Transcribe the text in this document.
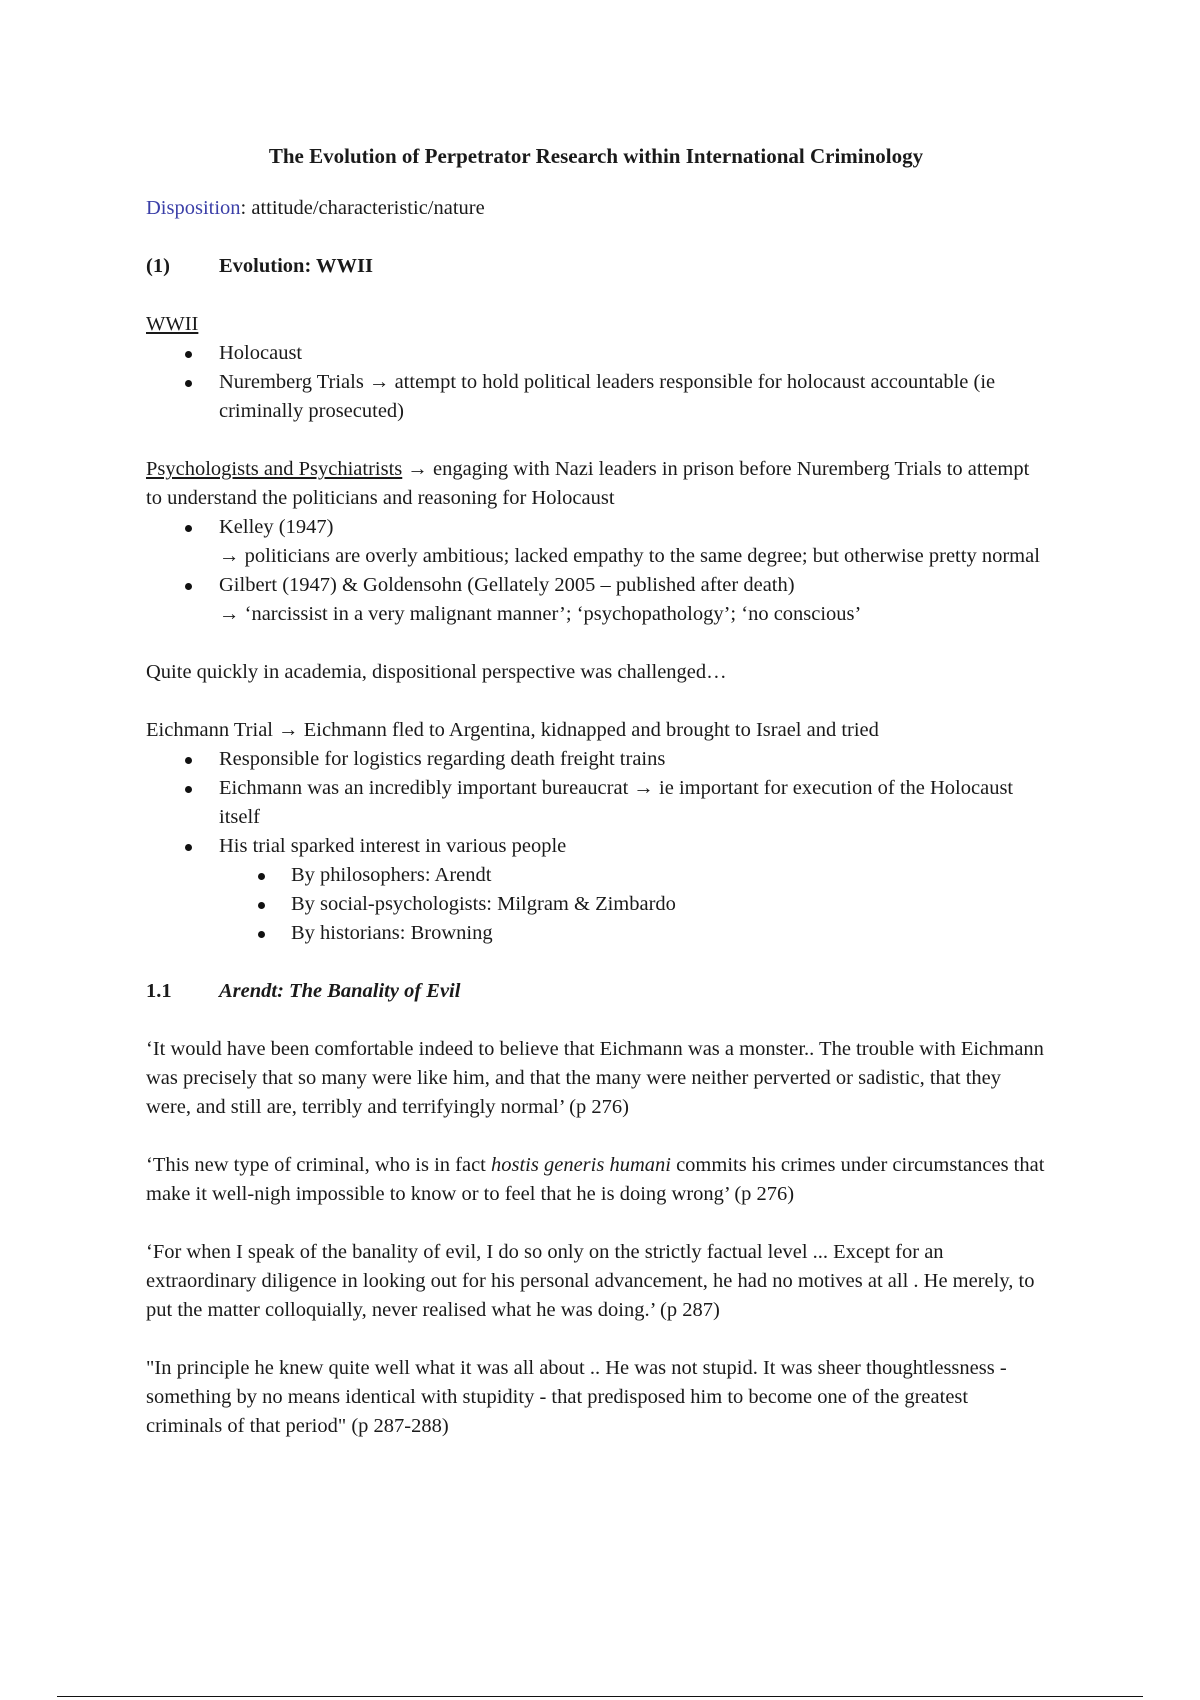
The Evolution of Perpetrator Research within International Criminology

Disposition: attitude/characteristic/nature

(1)	Evolution: WWII

WWII

Holocaust
Nuremberg Trials → attempt to hold political leaders responsible for holocaust accountable (ie criminally prosecuted)

Psychologists and Psychiatrists → engaging with Nazi leaders in prison before Nuremberg Trials to attempt to understand the politicians and reasoning for Holocaust

Kelley (1947)
→ politicians are overly ambitious; lacked empathy to the same degree; but otherwise pretty normal
Gilbert (1947) & Goldensohn (Gellately 2005 – published after death)
→ ‘narcissist in a very malignant manner’; ‘psychopathology’; ‘no conscious’

Quite quickly in academia, dispositional perspective was challenged…

Eichmann Trial → Eichmann fled to Argentina, kidnapped and brought to Israel and tried

Responsible for logistics regarding death freight trains
Eichmann was an incredibly important bureaucrat → ie important for execution of the Holocaust itself
His trial sparked interest in various people
By philosophers: Arendt
By social-psychologists: Milgram & Zimbardo
By historians: Browning
1.1	Arendt: The Banality of Evil

‘It would have been comfortable indeed to believe that Eichmann was a monster.. The trouble with Eichmann was precisely that so many were like him, and that the many were neither perverted or sadistic, that they were, and still are, terribly and terrifyingly normal’ (p 276)

‘This new type of criminal, who is in fact hostis generis humani commits his crimes under circumstances that make it well-nigh impossible to know or to feel that he is doing wrong’ (p 276)

‘For when I speak of the banality of evil, I do so only on the strictly factual level ... Except for an extraordinary diligence in looking out for his personal advancement, he had no motives at all . He merely, to put the matter colloquially, never realised what he was doing.’ (p 287)

"In principle he knew quite well what it was all about .. He was not stupid. It was sheer thoughtlessness - something by no means identical with stupidity - that predisposed him to become one of the greatest criminals of that period" (p 287-288)
